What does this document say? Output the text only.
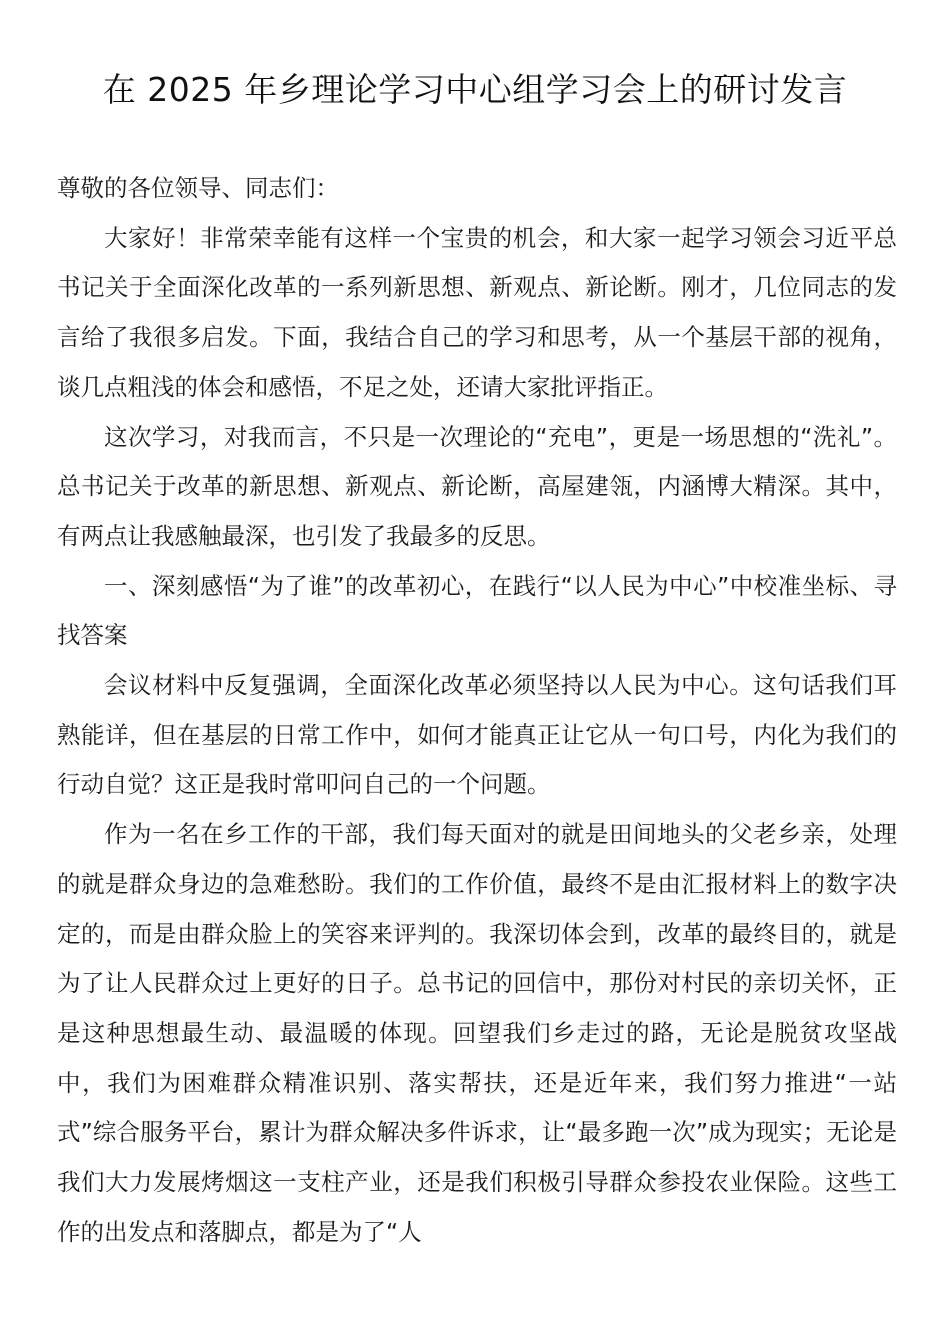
在 2025 年乡理论学习中心组学习会上的研讨发言

尊敬的各位领导、同志们：

大家好！非常荣幸能有这样一个宝贵的机会，和大家一起学习领会习近平总书记关于全面深化改革的一系列新思想、新观点、新论断。刚才，几位同志的发言给了我很多启发。下面，我结合自己的学习和思考，从一个基层干部的视角，谈几点粗浅的体会和感悟，不足之处，还请大家批评指正。

这次学习，对我而言，不只是一次理论的“充电”，更是一场思想的“洗礼”。总书记关于改革的新思想、新观点、新论断，高屋建瓴，内涵博大精深。其中，有两点让我感触最深，也引发了我最多的反思。

一、深刻感悟“为了谁”的改革初心，在践行“以人民为中心”中校准坐标、寻找答案

会议材料中反复强调，全面深化改革必须坚持以人民为中心。这句话我们耳熟能详，但在基层的日常工作中，如何才能真正让它从一句口号，内化为我们的行动自觉？这正是我时常叩问自己的一个问题。

作为一名在乡工作的干部，我们每天面对的就是田间地头的父老乡亲，处理的就是群众身边的急难愁盼。我们的工作价值，最终不是由汇报材料上的数字决定的，而是由群众脸上的笑容来评判的。我深切体会到，改革的最终目的，就是为了让人民群众过上更好的日子。总书记的回信中，那份对村民的亲切关怀，正是这种思想最生动、最温暖的体现。回望我们乡走过的路，无论是脱贫攻坚战中，我们为困难群众精准识别、落实帮扶，还是近年来，我们努力推进“一站式”综合服务平台，累计为群众解决多件诉求，让“最多跑一次”成为现实；无论是我们大力发展烤烟这一支柱产业，还是我们积极引导群众参投农业保险。这些工作的出发点和落脚点，都是为了“人
